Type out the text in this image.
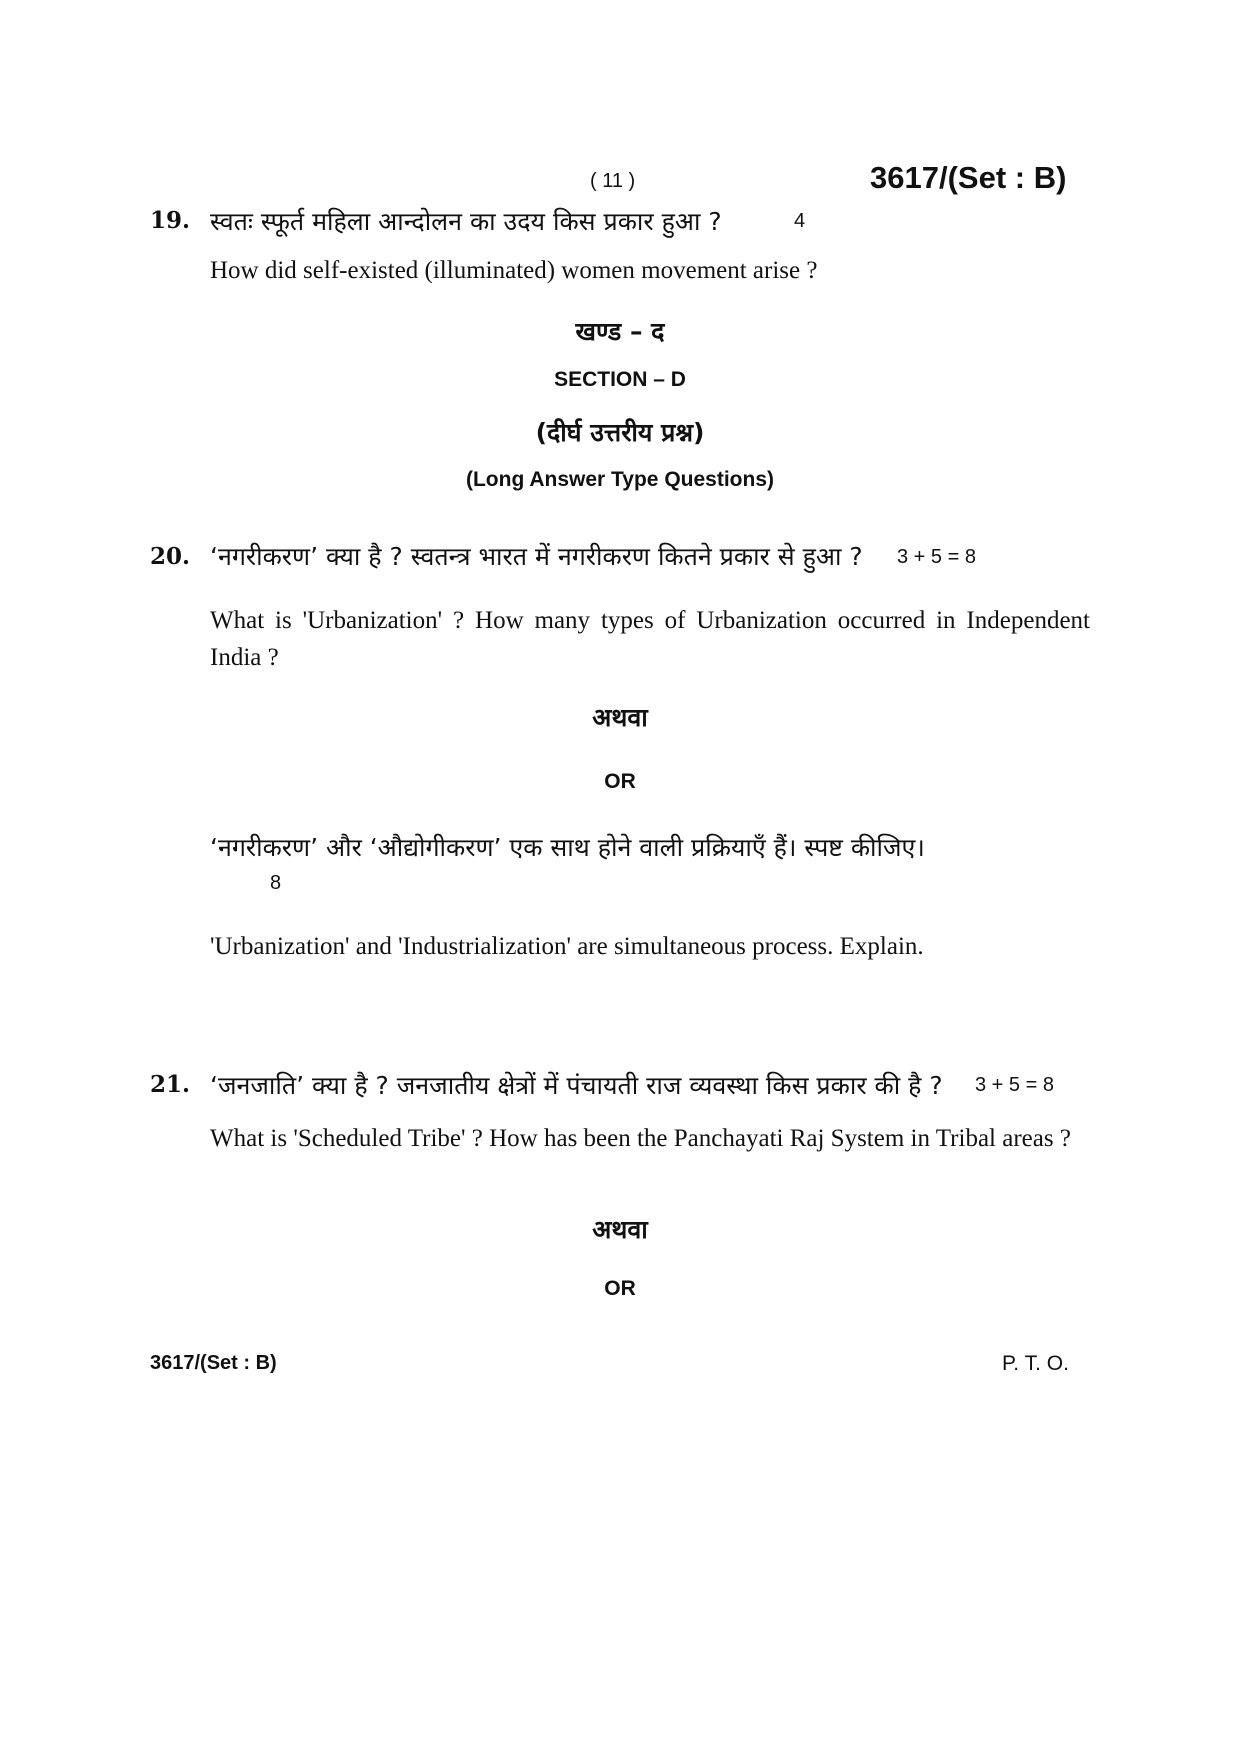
( 11 )	3617/(Set : B)
19. स्वतः स्फूर्त महिला आन्दोलन का उदय किस प्रकार हुआ ?	4
How did self-existed (illuminated) women movement arise ?
खण्ड – द
SECTION – D
(दीर्घ उत्तरीय प्रश्न)
(Long Answer Type Questions)
20. ‘नगरीकरण’ क्या है ? स्वतन्त्र भारत में नगरीकरण कितने प्रकार से हुआ ? 3 + 5 = 8
What is 'Urbanization' ? How many types of Urbanization occurred in Independent India ?
अथवा
OR
‘नगरीकरण’ और ‘औद्योगीकरण’ एक साथ होने वाली प्रक्रियाएँ हैं। स्पष्ट कीजिए।
8
'Urbanization' and 'Industrialization' are simultaneous process. Explain.
21. ‘जनजाति’ क्या है ? जनजातीय क्षेत्रों में पंचायती राज व्यवस्था किस प्रकार की है ? 3 + 5 = 8
What is 'Scheduled Tribe' ? How has been the Panchayati Raj System in Tribal areas ?
अथवा
OR
3617/(Set : B)	P. T. O.
